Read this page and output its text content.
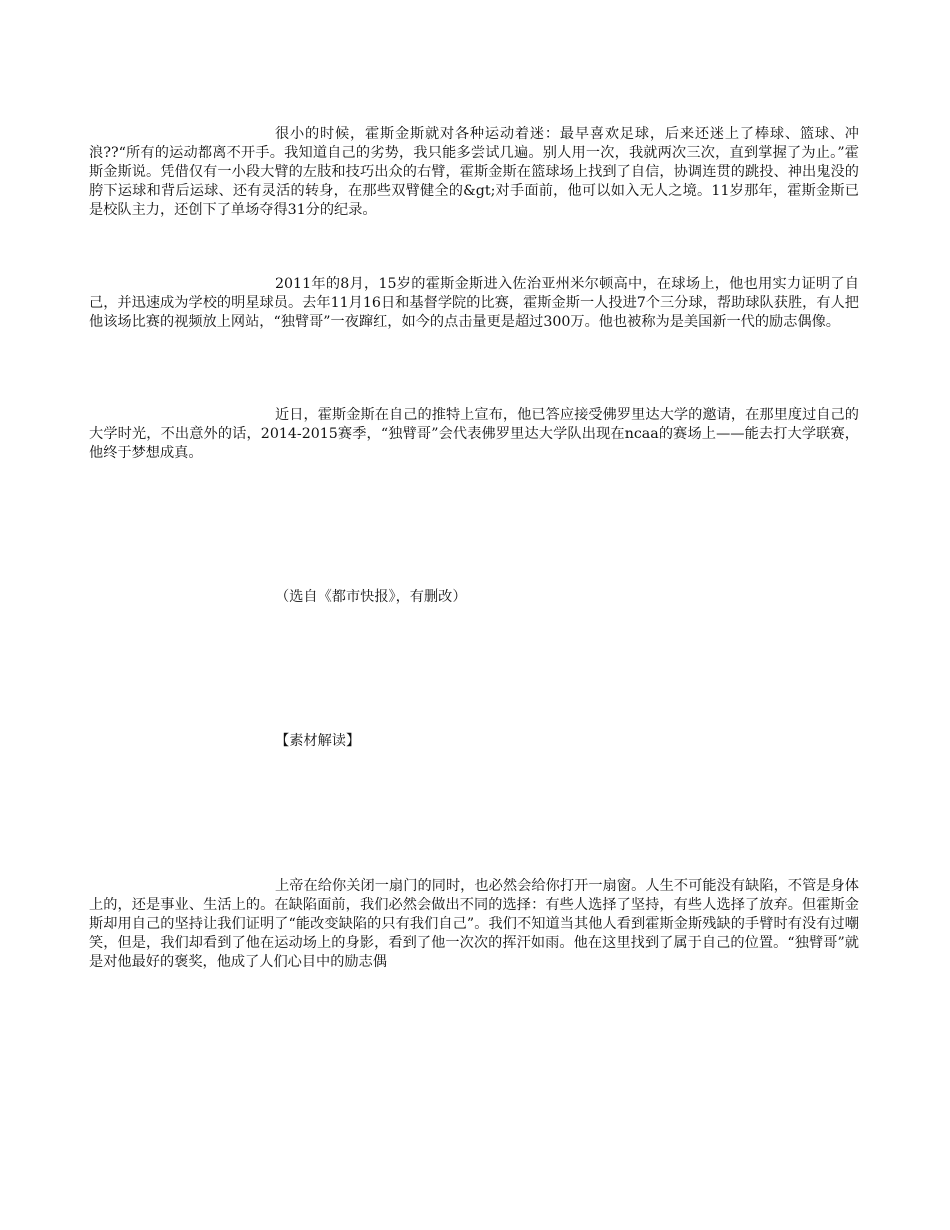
很小的时候，霍斯金斯就对各种运动着迷：最早喜欢足球，后来还迷上了棒球、篮球、冲浪??“所有的运动都离不开手。我知道自己的劣势，我只能多尝试几遍。别人用一次，我就两次三次，直到掌握了为止。”霍斯金斯说。凭借仅有一小段大臂的左肢和技巧出众的右臂，霍斯金斯在篮球场上找到了自信，协调连贯的跳投、神出鬼没的胯下运球和背后运球、还有灵活的转身，在那些双臂健全的&gt;对手面前，他可以如入无人之境。11岁那年，霍斯金斯已是校队主力，还创下了单场夺得31分的纪录。

2011年的8月，15岁的霍斯金斯进入佐治亚州米尔顿高中，在球场上，他也用实力证明了自己，并迅速成为学校的明星球员。去年11月16日和基督学院的比赛，霍斯金斯一人投进7个三分球，帮助球队获胜，有人把他该场比赛的视频放上网站，“独臂哥”一夜蹿红，如今的点击量更是超过300万。他也被称为是美国新一代的励志偶像。

近日，霍斯金斯在自己的推特上宣布，他已答应接受佛罗里达大学的邀请，在那里度过自己的大学时光，不出意外的话，2014-2015赛季，“独臂哥”会代表佛罗里达大学队出现在ncaa的赛场上——能去打大学联赛，他终于梦想成真。

（选自《都市快报》，有删改）

【素材解读】

上帝在给你关闭一扇门的同时，也必然会给你打开一扇窗。人生不可能没有缺陷，不管是身体上的，还是事业、生活上的。在缺陷面前，我们必然会做出不同的选择：有些人选择了坚持，有些人选择了放弃。但霍斯金斯却用自己的坚持让我们证明了“能改变缺陷的只有我们自己”。我们不知道当其他人看到霍斯金斯残缺的手臂时有没有过嘲笑，但是，我们却看到了他在运动场上的身影，看到了他一次次的挥汗如雨。他在这里找到了属于自己的位置。“独臂哥”就是对他最好的褒奖，他成了人们心目中的励志偶
